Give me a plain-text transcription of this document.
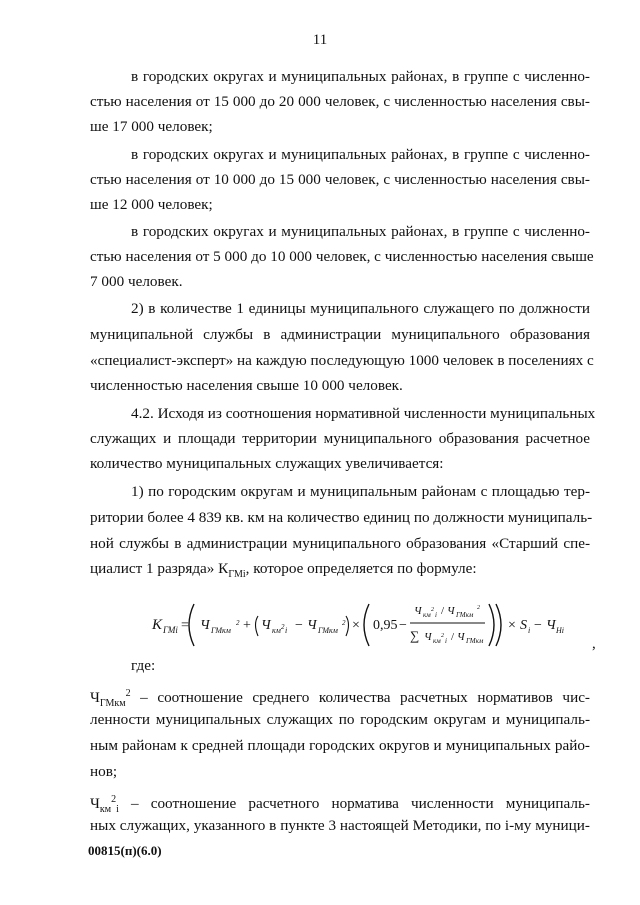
11
в городских округах и муниципальных районах, в группе с численно-
стью населения от 15 000 до 20 000 человек, с численностью населения свы-
ше 17 000 человек;
в городских округах и муниципальных районах, в группе с численно-
стью населения от 10 000 до 15 000 человек, с численностью населения свы-
ше 12 000 человек;
в городских округах и муниципальных районах, в группе с численно-
стью населения от 5 000 до 10 000 человек, с численностью населения свыше
7 000 человек.
2) в количестве 1 единицы муниципального служащего по должности
муниципальной службы в администрации муниципального образования
«специалист-эксперт» на каждую последующую 1000 человек в поселениях с
численностью населения свыше 10 000 человек.
4.2. Исходя из соотношения нормативной численности муниципальных
служащих и площади территории муниципального образования расчетное
количество муниципальных служащих увеличивается:
1) по городским округам и муниципальным районам с площадью тер-
ритории более 4 839 кв. км на количество единиц по должности муниципаль-
ной службы в администрации муниципального образования «Старший спе-
циалист 1 разряда» $К_{ГМi}$, которое определяется по формуле:
К ГМi = Ч ГМкм
2 + Ч км 2 i − Ч ГМкм
2 × 0,95 −
Ч км
2
i / Ч ГМкм
2
∑ Ч км
2
i / Ч ГМкм
× S i − Ч Нi
,
где:
$Ч_{ГМкм}^2$ – соотношение среднего количества расчетных нормативов чис-
ленности муниципальных служащих по городским округам и муниципаль-
ным районам к средней площади городских округов и муниципальных райо-
нов;
$Ч_{км}^2_i$ – соотношение расчетного норматива численности муниципаль-
ных служащих, указанного в пункте 3 настоящей Методики, по i-му муници-
00815(п)(6.0)
